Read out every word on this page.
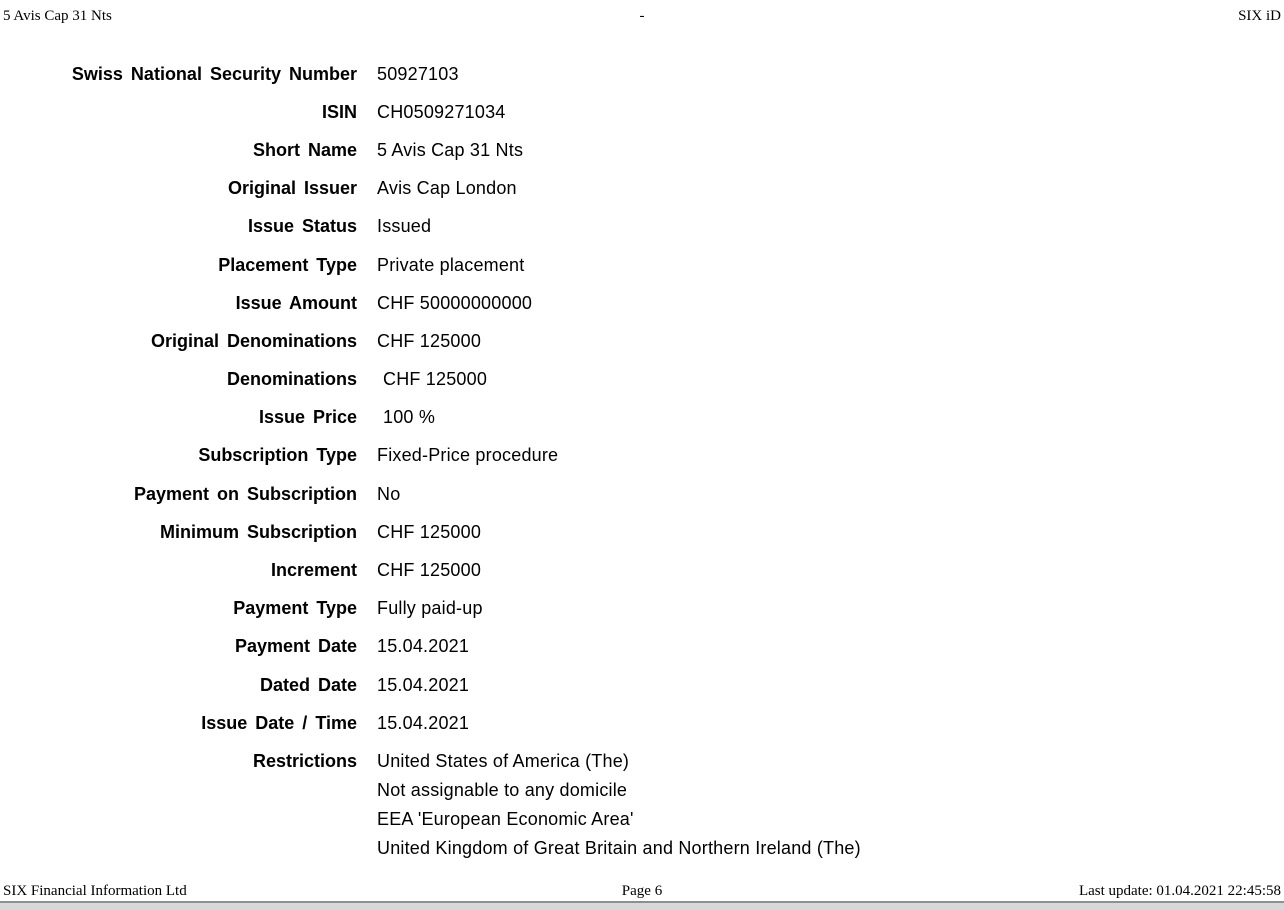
5 Avis Cap 31 Nts	-	SIX iD
Swiss National Security Number 50927103
ISIN CH0509271034
Short Name 5 Avis Cap 31 Nts
Original Issuer Avis Cap London
Issue Status Issued
Placement Type Private placement
Issue Amount CHF 50000000000
Original Denominations CHF 125000
Denominations CHF 125000
Issue Price 100 %
Subscription Type Fixed-Price procedure
Payment on Subscription No
Minimum Subscription CHF 125000
Increment CHF 125000
Payment Type Fully paid-up
Payment Date 15.04.2021
Dated Date 15.04.2021
Issue Date / Time 15.04.2021
Restrictions United States of America (The)
Not assignable to any domicile
EEA 'European Economic Area'
United Kingdom of Great Britain and Northern Ireland (The)
SIX Financial Information Ltd	Page 6	Last update: 01.04.2021 22:45:58
